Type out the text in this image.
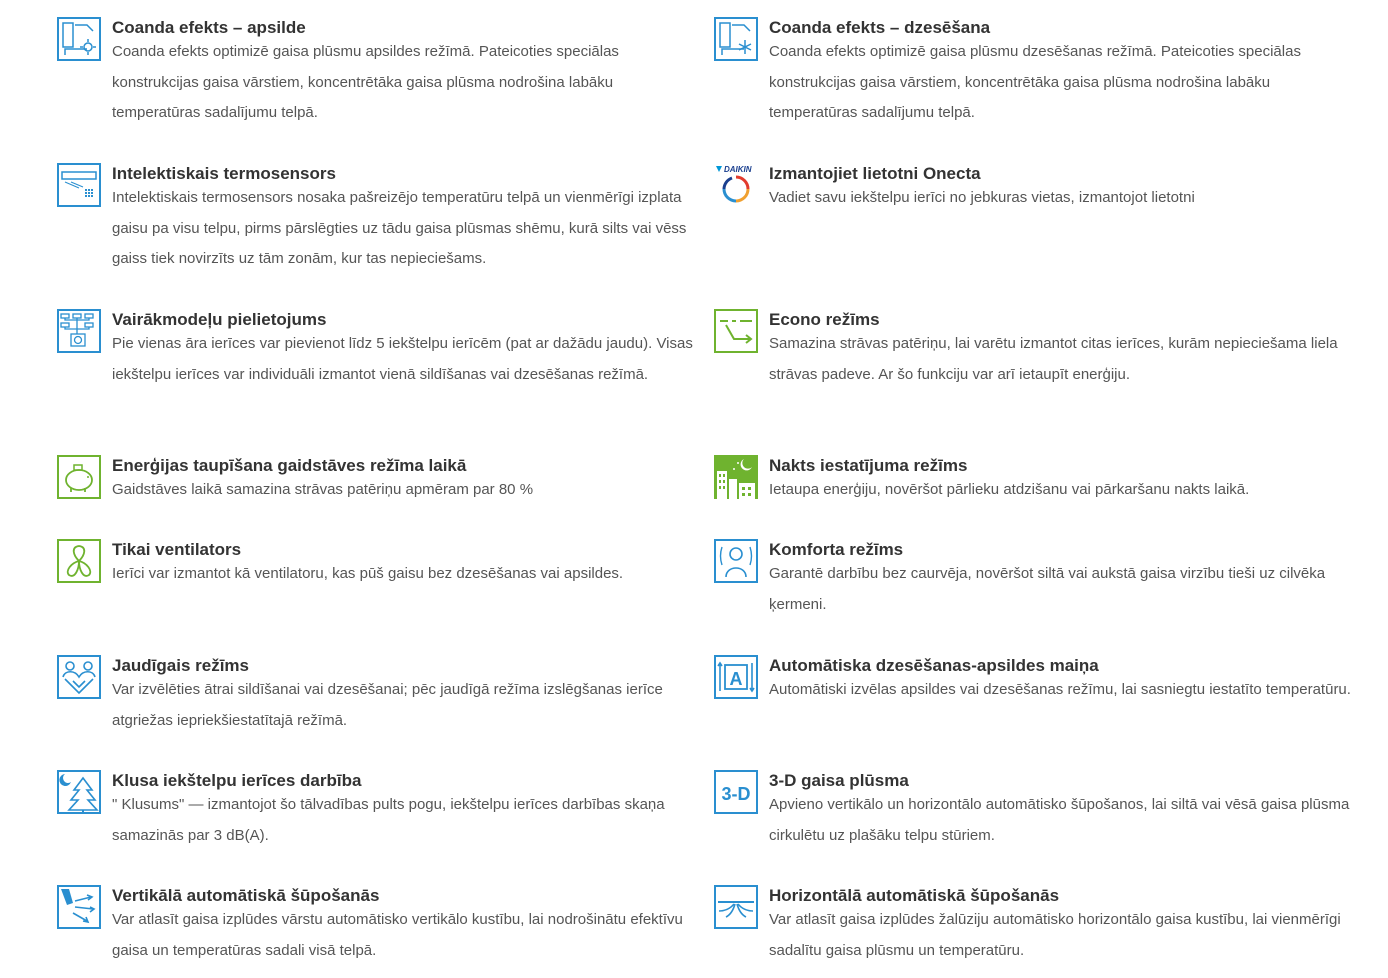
Coanda efekts – apsilde
Coanda efekts optimizē gaisa plūsmu apsildes režīmā. Pateicoties speciālas konstrukcijas gaisa vārstiem, koncentrētāka gaisa plūsma nodrošina labāku temperatūras sadalījumu telpā.
Coanda efekts – dzesēšana
Coanda efekts optimizē gaisa plūsmu dzesēšanas režīmā. Pateicoties speciālas konstrukcijas gaisa vārstiem, koncentrētāka gaisa plūsma nodrošina labāku temperatūras sadalījumu telpā.
Intelektiskais termosensors
Intelektiskais termosensors nosaka pašreizējo temperatūru telpā un vienmērīgi izplata gaisu pa visu telpu, pirms pārslēgties uz tādu gaisa plūsmas shēmu, kurā silts vai vēss gaiss tiek novirzīts uz tām zonām, kur tas nepieciešams.
DAIKIN Izmantojiet lietotni Onecta
Vadiet savu iekštelpu ierīci no jebkuras vietas, izmantojot lietotni
Vairākmodeļu pielietojums
Pie vienas āra ierīces var pievienot līdz 5 iekštelpu ierīcēm (pat ar dažādu jaudu). Visas iekštelpu ierīces var individuāli izmantot vienā sildīšanas vai dzesēšanas režīmā.
Econo režīms
Samazina strāvas patēriņu, lai varētu izmantot citas ierīces, kurām nepieciešama liela strāvas padeve. Ar šo funkciju var arī ietaupīt enerģiju.
Enerģijas taupīšana gaidstāves režīma laikā
Gaidstāves laikā samazina strāvas patēriņu apmēram par 80 %
Nakts iestatījuma režīms
Ietaupa enerģiju, novēršot pārlieku atdzišanu vai pārkaršanu nakts laikā.
Tikai ventilators
Ierīci var izmantot kā ventilatoru, kas pūš gaisu bez dzesēšanas vai apsildes.
Komforta režīms
Garantē darbību bez caurvēja, novēršot siltā vai aukstā gaisa virzību tieši uz cilvēka ķermeni.
Jaudīgais režīms
Var izvēlēties ātrai sildīšanai vai dzesēšanai; pēc jaudīgā režīma izslēgšanas ierīce atgriežas iepriekšiestatītajā režīmā.
A
Automātiska dzesēšanas-apsildes maiņa
Automātiski izvēlas apsildes vai dzesēšanas režīmu, lai sasniegtu iestatīto temperatūru.
Klusa iekštelpu ierīces darbība
" Klusums" — izmantojot šo tālvadības pults pogu, iekštelpu ierīces darbības skaņa samazinās par 3 dB(A).
3-D
3-D gaisa plūsma
Apvieno vertikālo un horizontālo automātisko šūpošanos, lai siltā vai vēsā gaisa plūsma cirkulētu uz plašāku telpu stūriem.
Vertikālā automātiskā šūpošanās
Var atlasīt gaisa izplūdes vārstu automātisko vertikālo kustību, lai nodrošinātu efektīvu gaisa un temperatūras sadali visā telpā.
Horizontālā automātiskā šūpošanās
Var atlasīt gaisa izplūdes žalūziju automātisko horizontālo gaisa kustību, lai vienmērīgi sadalītu gaisa plūsmu un temperatūru.
